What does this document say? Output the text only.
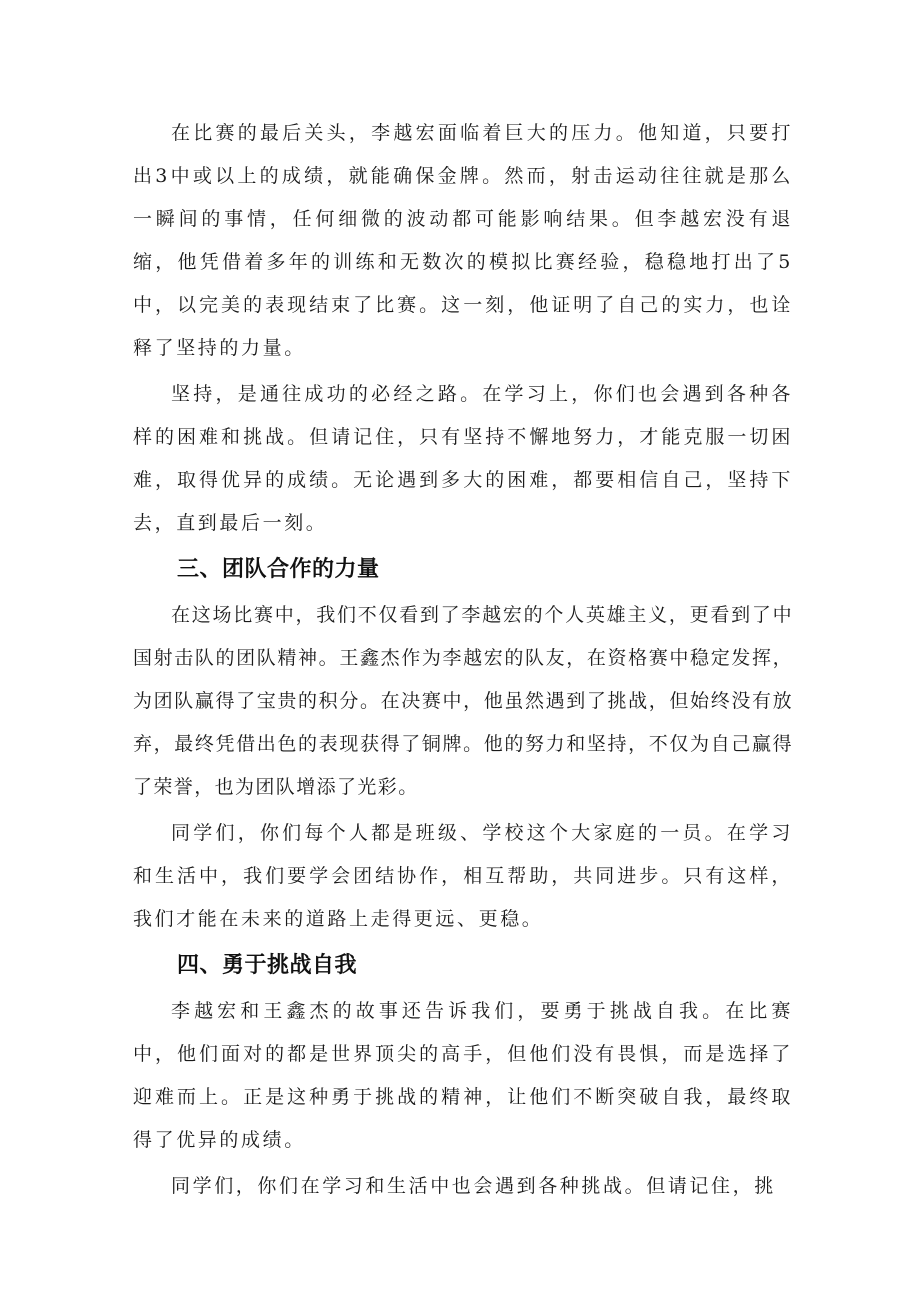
在比赛的最后关头，李越宏面临着巨大的压力。他知道，只要打出3中或以上的成绩，就能确保金牌。然而，射击运动往往就是那么一瞬间的事情，任何细微的波动都可能影响结果。但李越宏没有退缩，他凭借着多年的训练和无数次的模拟比赛经验，稳稳地打出了5中，以完美的表现结束了比赛。这一刻，他证明了自己的实力，也诠释了坚持的力量。

坚持，是通往成功的必经之路。在学习上，你们也会遇到各种各样的困难和挑战。但请记住，只有坚持不懈地努力，才能克服一切困难，取得优异的成绩。无论遇到多大的困难，都要相信自己，坚持下去，直到最后一刻。

三、团队合作的力量

在这场比赛中，我们不仅看到了李越宏的个人英雄主义，更看到了中国射击队的团队精神。王鑫杰作为李越宏的队友，在资格赛中稳定发挥，为团队赢得了宝贵的积分。在决赛中，他虽然遇到了挑战，但始终没有放弃，最终凭借出色的表现获得了铜牌。他的努力和坚持，不仅为自己赢得了荣誉，也为团队增添了光彩。

同学们，你们每个人都是班级、学校这个大家庭的一员。在学习和生活中，我们要学会团结协作，相互帮助，共同进步。只有这样，我们才能在未来的道路上走得更远、更稳。

四、勇于挑战自我

李越宏和王鑫杰的故事还告诉我们，要勇于挑战自我。在比赛中，他们面对的都是世界顶尖的高手，但他们没有畏惧，而是选择了迎难而上。正是这种勇于挑战的精神，让他们不断突破自我，最终取得了优异的成绩。

同学们，你们在学习和生活中也会遇到各种挑战。但请记住，挑
